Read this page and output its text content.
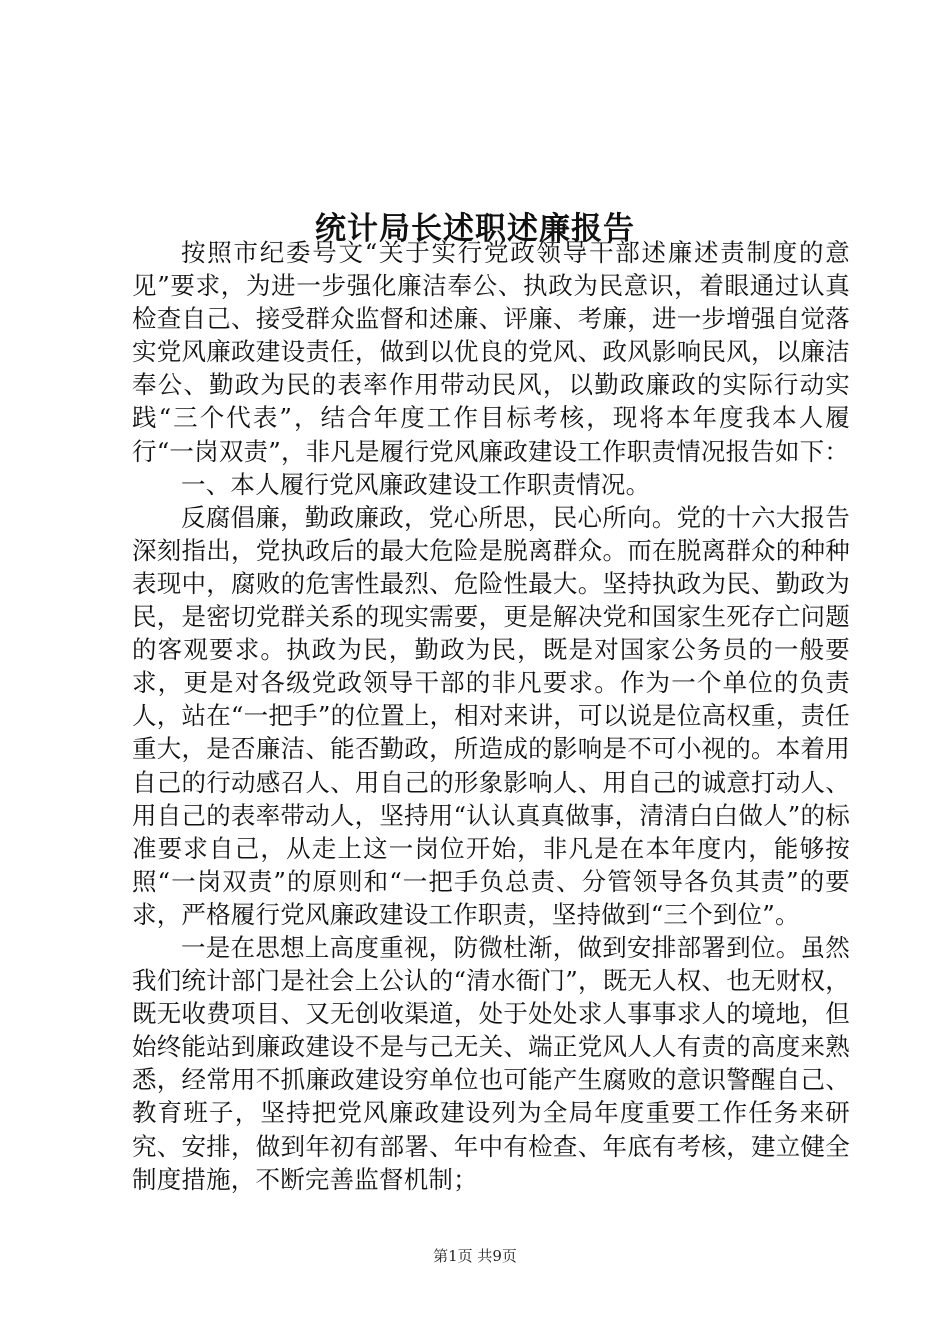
统计局长述职述廉报告

按照市纪委号文“关于实行党政领导干部述廉述责制度的意见”要求，为进一步强化廉洁奉公、执政为民意识，着眼通过认真检查自己、接受群众监督和述廉、评廉、考廉，进一步增强自觉落实党风廉政建设责任，做到以优良的党风、政风影响民风，以廉洁奉公、勤政为民的表率作用带动民风，以勤政廉政的实际行动实践“三个代表”，结合年度工作目标考核，现将本年度我本人履行“一岗双责”，非凡是履行党风廉政建设工作职责情况报告如下：

一、本人履行党风廉政建设工作职责情况。

反腐倡廉，勤政廉政，党心所思，民心所向。党的十六大报告深刻指出，党执政后的最大危险是脱离群众。而在脱离群众的种种表现中，腐败的危害性最烈、危险性最大。坚持执政为民、勤政为民，是密切党群关系的现实需要，更是解决党和国家生死存亡问题的客观要求。执政为民，勤政为民，既是对国家公务员的一般要求，更是对各级党政领导干部的非凡要求。作为一个单位的负责人，站在“一把手”的位置上，相对来讲，可以说是位高权重，责任重大，是否廉洁、能否勤政，所造成的影响是不可小视的。本着用自己的行动感召人、用自己的形象影响人、用自己的诚意打动人、用自己的表率带动人，坚持用“认认真真做事，清清白白做人”的标准要求自己，从走上这一岗位开始，非凡是在本年度内，能够按照“一岗双责”的原则和“一把手负总责、分管领导各负其责”的要求，严格履行党风廉政建设工作职责，坚持做到“三个到位”。

一是在思想上高度重视，防微杜渐，做到安排部署到位。虽然我们统计部门是社会上公认的“清水衙门”，既无人权、也无财权，既无收费项目、又无创收渠道，处于处处求人事事求人的境地，但始终能站到廉政建设不是与己无关、端正党风人人有责的高度来熟悉，经常用不抓廉政建设穷单位也可能产生腐败的意识警醒自己、教育班子，坚持把党风廉政建设列为全局年度重要工作任务来研究、安排，做到年初有部署、年中有检查、年底有考核，建立健全制度措施，不断完善监督机制；

第1页 共9页
